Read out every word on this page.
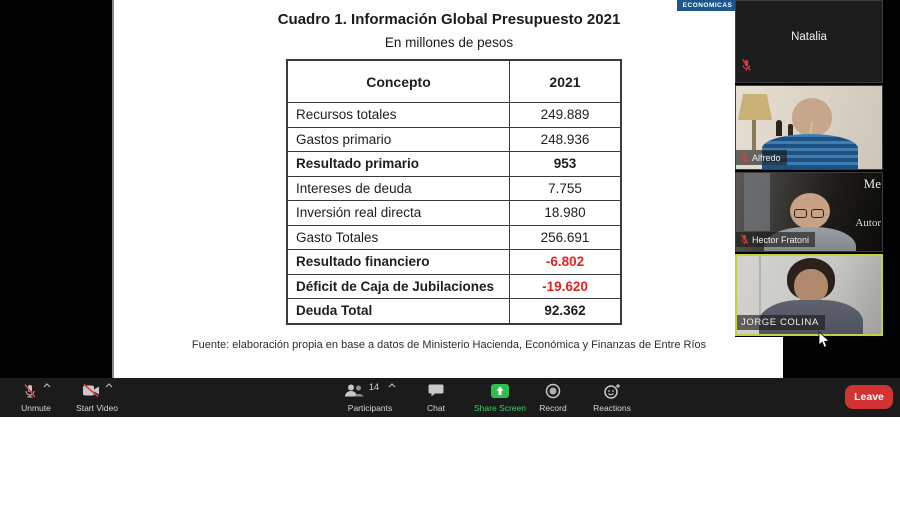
Cuadro 1. Información Global Presupuesto 2021
En millones de pesos
Concepto	2021
Recursos totales	249.889
Gastos primario	248.936
Resultado primario	953
Intereses de deuda	7.755
Inversión real directa	18.980
Gasto Totales	256.691
Resultado financiero	-6.802
Déficit de Caja de Jubilaciones	-19.620
Deuda Total	92.362
Fuente: elaboración propia en base a datos de Ministerio Hacienda, Económica y Finanzas de Entre Ríos
ECONOMICAS
Natalia
Alfredo
Me
Autor
Hector Fratoni
JORGE COLINA
Unmute	Start Video
14
Participants	Chat	Share Screen Record	Reactions
Leave
